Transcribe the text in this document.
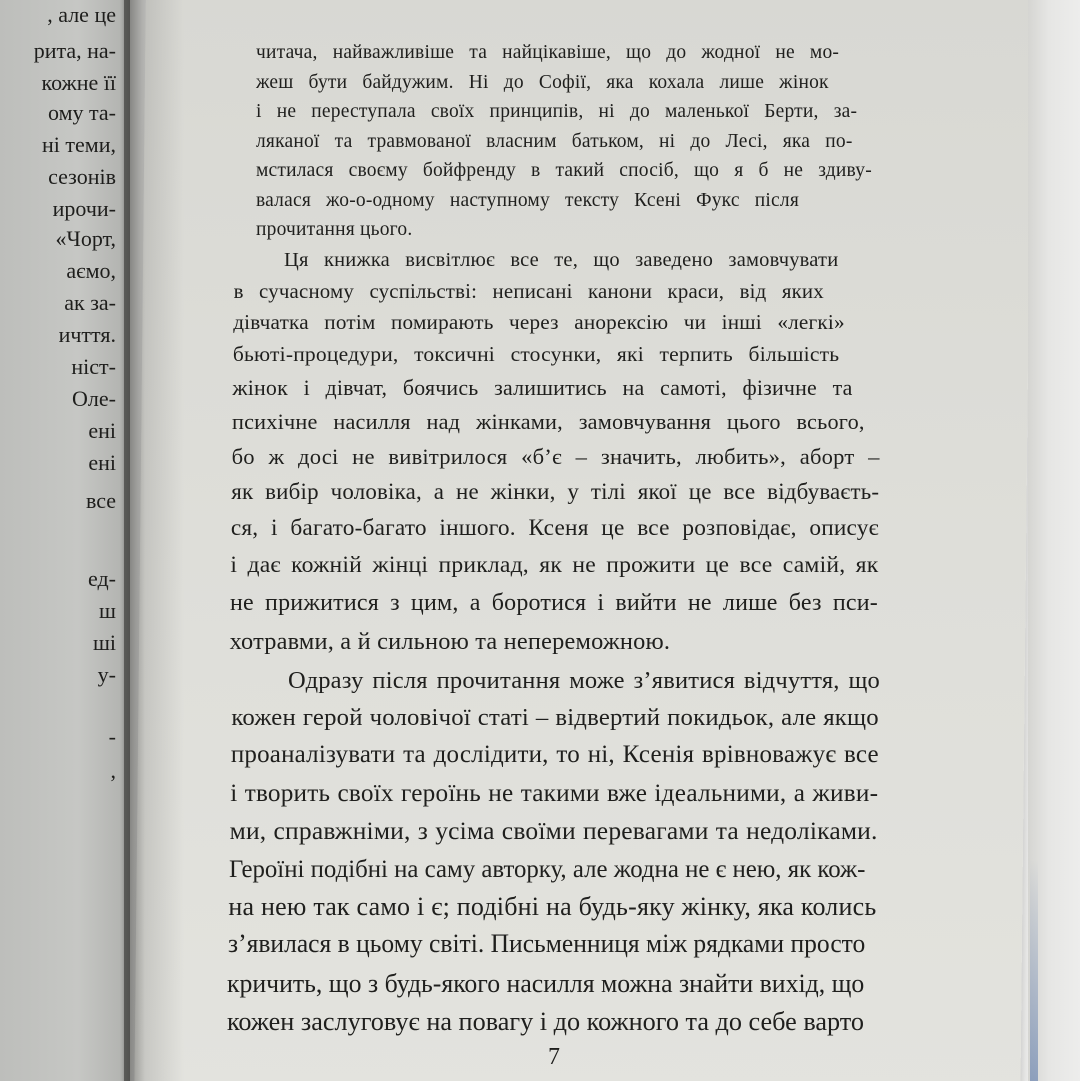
, але це
рита, на-
кожне її
ому та-
ні теми,
сезонів
ирочи-
«Чорт,
аємо,
ак за-
ичття.
ніст-
Оле-
ені
ені
все
ед-
ш
ші
у-
-
,
читача, найважливіше та найцікавіше, що до жодної не мо-
жеш бути байдужим. Ні до Софії, яка кохала лише жінок
і не переступала своїх принципів, ні до маленької Берти, за-
ляканої та травмованої власним батьком, ні до Лесі, яка по-
мстилася своєму бойфренду в такий спосіб, що я б не здиву-
валася жо-о-одному наступному тексту Ксені Фукс після
прочитання цього.
Ця книжка висвітлює все те, що заведено замовчувати
в сучасному суспільстві: неписані канони краси, від яких
дівчатка потім помирають через анорексію чи інші «легкі»
бьюті-процедури, токсичні стосунки, які терпить більшість
жінок і дівчат, боячись залишитись на самоті, фізичне та
психічне насилля над жінками, замовчування цього всього,
бо ж досі не вивітрилося «б’є – значить, любить», аборт –
як вибір чоловіка, а не жінки, у тілі якої це все відбуваєть-
ся, і багато-багато іншого. Ксеня це все розповідає, описує
і дає кожній жінці приклад, як не прожити це все самій, як
не прижитися з цим, а боротися і вийти не лише без пси-
хотравми, а й сильною та непереможною.
Одразу після прочитання може з’явитися відчуття, що
кожен герой чоловічої статі – відвертий покидьок, але якщо
проаналізувати та дослідити, то ні, Ксенія врівноважує все
і творить своїх героїнь не такими вже ідеальними, а живи-
ми, справжніми, з усіма своїми перевагами та недоліками.
Героїні подібні на саму авторку, але жодна не є нею, як кож-
на нею так само і є; подібні на будь-яку жінку, яка колись
з’явилася в цьому світі. Письменниця між рядками просто
кричить, що з будь-якого насилля можна знайти вихід, що
кожен заслуговує на повагу і до кожного та до себе варто
7
